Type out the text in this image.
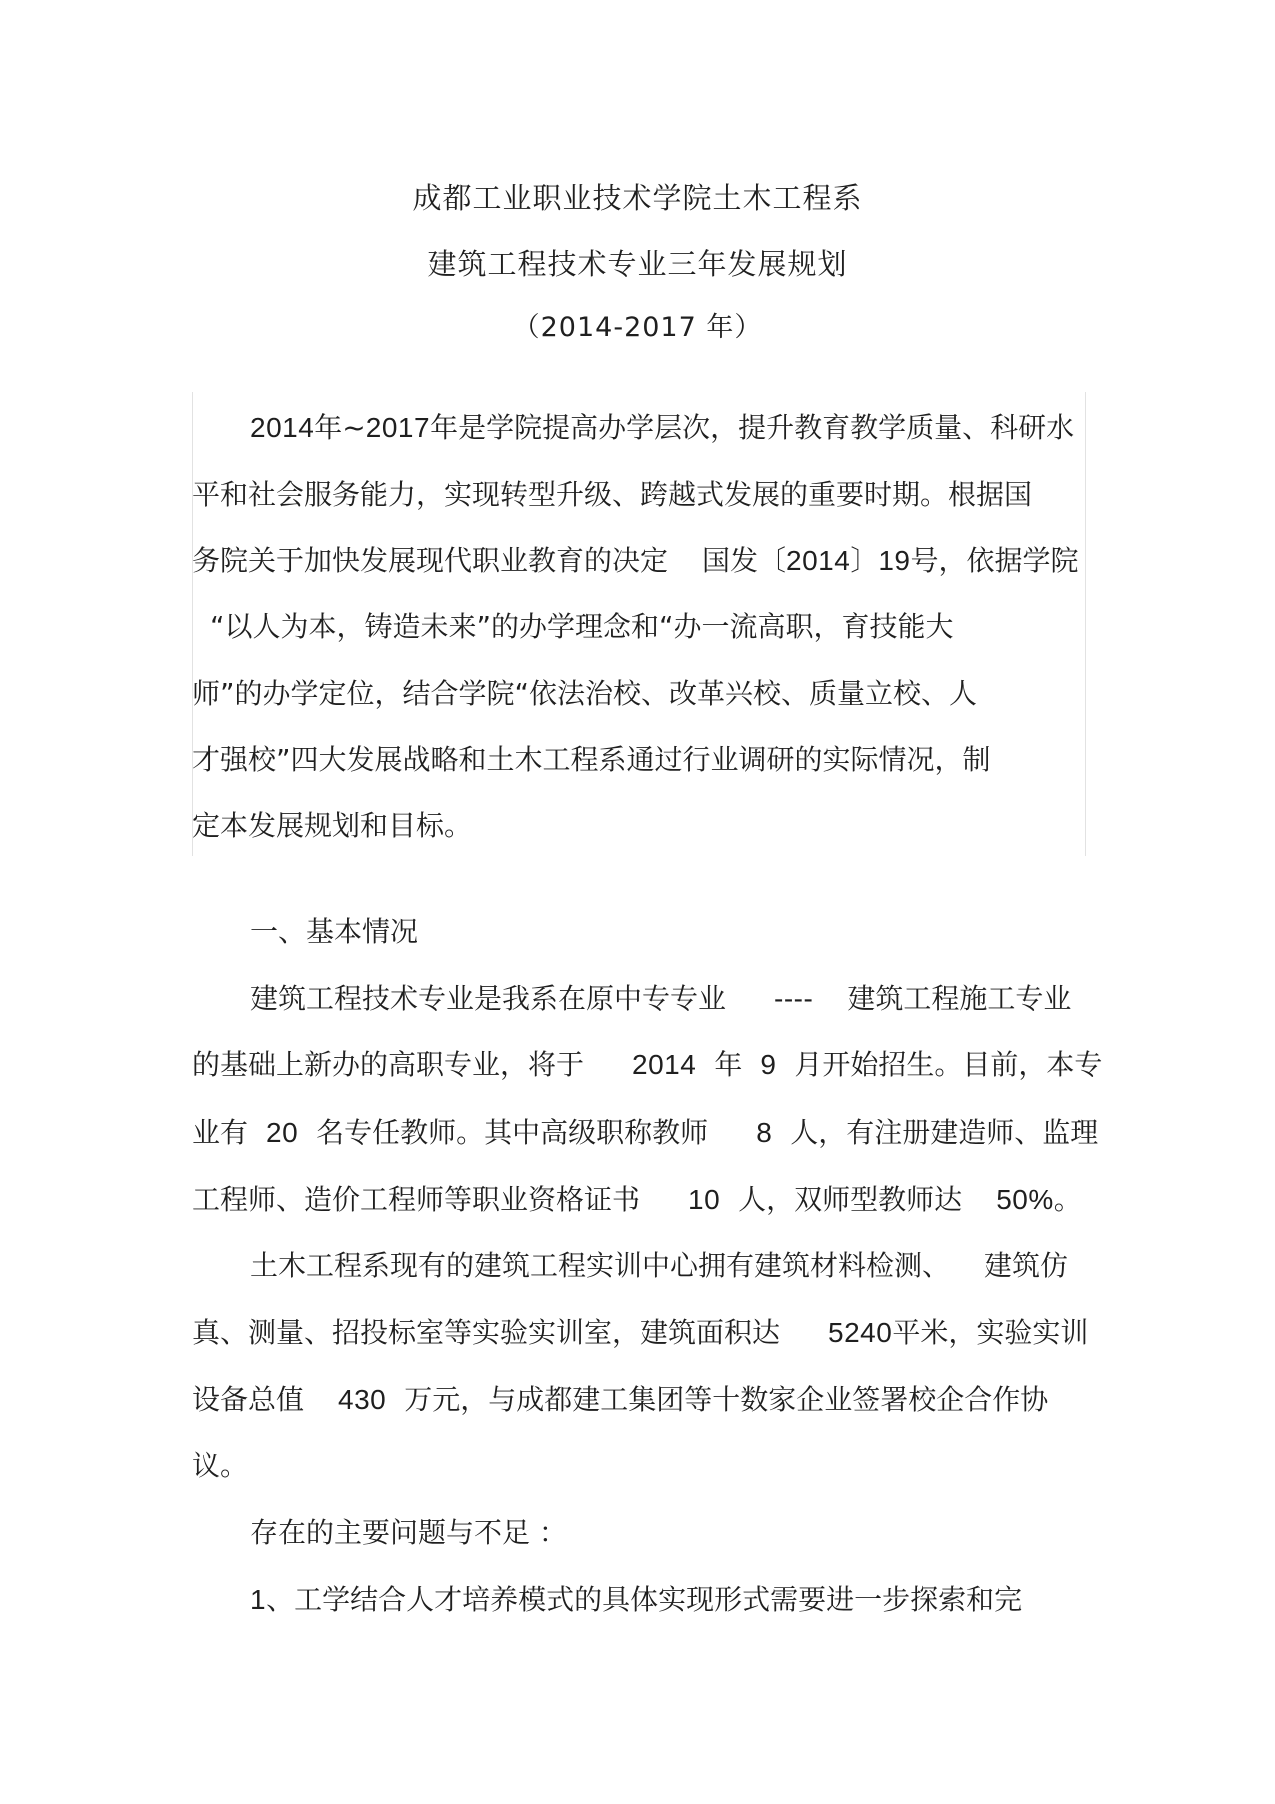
成都工业职业技术学院土木工程系
建筑工程技术专业三年发展规划
（2014-2017 年）
2014年~2017年是学院提高办学层次，提升教育教学质量、科研水
平和社会服务能力，实现转型升级、跨越式发展的重要时期。根据国
务院关于加快发展现代职业教育的决定 国发〔2014〕19号，依据学院
“以人为本，铸造未来”的办学理念和“办一流高职，育技能大
师”的办学定位，结合学院“依法治校、改革兴校、质量立校、人
才强校”四大发展战略和土木工程系通过行业调研的实际情况，制
定本发展规划和目标。
一、基本情况
建筑工程技术专业是我系在原中专专业 ---- 建筑工程施工专业
的基础上新办的高职专业，将于 2014 年 9 月开始招生。目前，本专
业有 20 名专任教师。其中高级职称教师 8 人，有注册建造师、监理
工程师、造价工程师等职业资格证书 10 人，双师型教师达 50%。
土木工程系现有的建筑工程实训中心拥有建筑材料检测、 建筑仿
真、测量、招投标室等实验实训室，建筑面积达 5240平米，实验实训
设备总值 430 万元，与成都建工集团等十数家企业签署校企合作协
议。
存在的主要问题与不足 ：
1、工学结合人才培养模式的具体实现形式需要进一步探索和完
